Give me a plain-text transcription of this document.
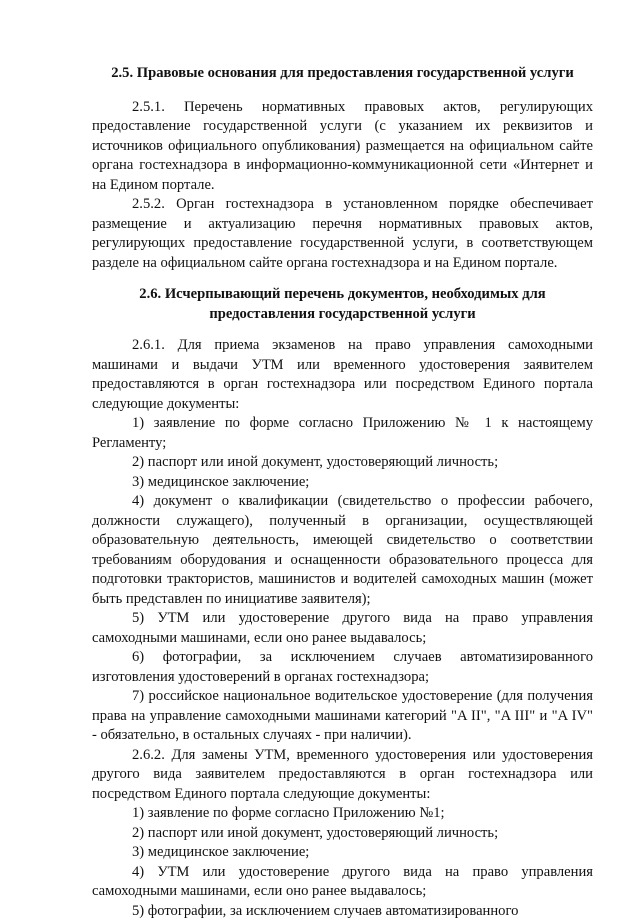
2.5. Правовые основания для предоставления государственной услуги

2.5.1. Перечень нормативных правовых актов, регулирующих предоставление государственной услуги (с указанием их реквизитов и источников официального опубликования) размещается на официальном сайте органа гостехнадзора в информационно-коммуникационной сети «Интернет и на Едином портале.

2.5.2. Орган гостехнадзора в установленном порядке обеспечивает размещение и актуализацию перечня нормативных правовых актов, регулирующих предоставление государственной услуги, в соответствующем разделе на официальном сайте органа гостехнадзора и на Едином портале.

2.6. Исчерпывающий перечень документов, необходимых для предоставления государственной услуги

2.6.1. Для приема экзаменов на право управления самоходными машинами и выдачи УТМ или временного удостоверения заявителем предоставляются в орган гостехнадзора или посредством Единого портала следующие документы:

1) заявление по форме согласно Приложению № 1 к настоящему Регламенту;

2) паспорт или иной документ, удостоверяющий личность;

3) медицинское заключение;

4) документ о квалификации (свидетельство о профессии рабочего, должности служащего), полученный в организации, осуществляющей образовательную деятельность, имеющей свидетельство о соответствии требованиям оборудования и оснащенности образовательного процесса для подготовки трактористов, машинистов и водителей самоходных машин (может быть представлен по инициативе заявителя);

5) УТМ или удостоверение другого вида на право управления самоходными машинами, если оно ранее выдавалось;

6) фотографии, за исключением случаев автоматизированного изготовления удостоверений в органах гостехнадзора;

7) российское национальное водительское удостоверение (для получения права на управление самоходными машинами категорий "A II", "A III" и "A IV" - обязательно, в остальных случаях - при наличии).

2.6.2. Для замены УТМ, временного удостоверения или удостоверения другого вида заявителем предоставляются в орган гостехнадзора или посредством Единого портала следующие документы:

1) заявление по форме согласно Приложению №1;

2) паспорт или иной документ, удостоверяющий личность;

3) медицинское заключение;

4) УТМ или удостоверение другого вида на право управления самоходными машинами, если оно ранее выдавалось;

5) фотографии, за исключением случаев автоматизированного
